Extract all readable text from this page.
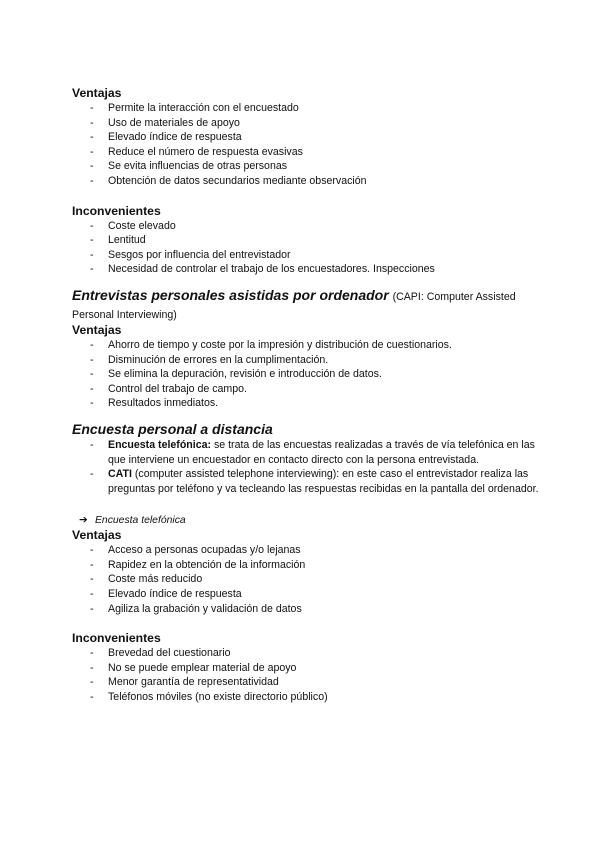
Ventajas
- Permite la interacción con el encuestado
- Uso de materiales de apoyo
- Elevado índice de respuesta
- Reduce el número de respuesta evasivas
- Se evita influencias de otras personas
- Obtención de datos secundarios mediante observación
Inconvenientes
- Coste elevado
- Lentitud
- Sesgos por influencia del entrevistador
- Necesidad de controlar el trabajo de los encuestadores. Inspecciones
Entrevistas personales asistidas por ordenador (CAPI: Computer Assisted Personal Interviewing)
Ventajas
- Ahorro de tiempo y coste por la impresión y distribución de cuestionarios.
- Disminución de errores en la cumplimentación.
- Se elimina la depuración, revisión e introducción de datos.
- Control del trabajo de campo.
- Resultados inmediatos.
Encuesta personal a distancia
- Encuesta telefónica: se trata de las encuestas realizadas a través de vía telefónica en las que interviene un encuestador en contacto directo con la persona entrevistada.
- CATI (computer assisted telephone interviewing): en este caso el entrevistador realiza las preguntas por teléfono y va tecleando las respuestas recibidas en la pantalla del ordenador.
➔ Encuesta telefónica
Ventajas
- Acceso a personas ocupadas y/o lejanas
- Rapidez en la obtención de la información
- Coste más reducido
- Elevado índice de respuesta
- Agiliza la grabación y validación de datos
Inconvenientes
- Brevedad del cuestionario
- No se puede emplear material de apoyo
- Menor garantía de representatividad
- Teléfonos móviles (no existe directorio público)
